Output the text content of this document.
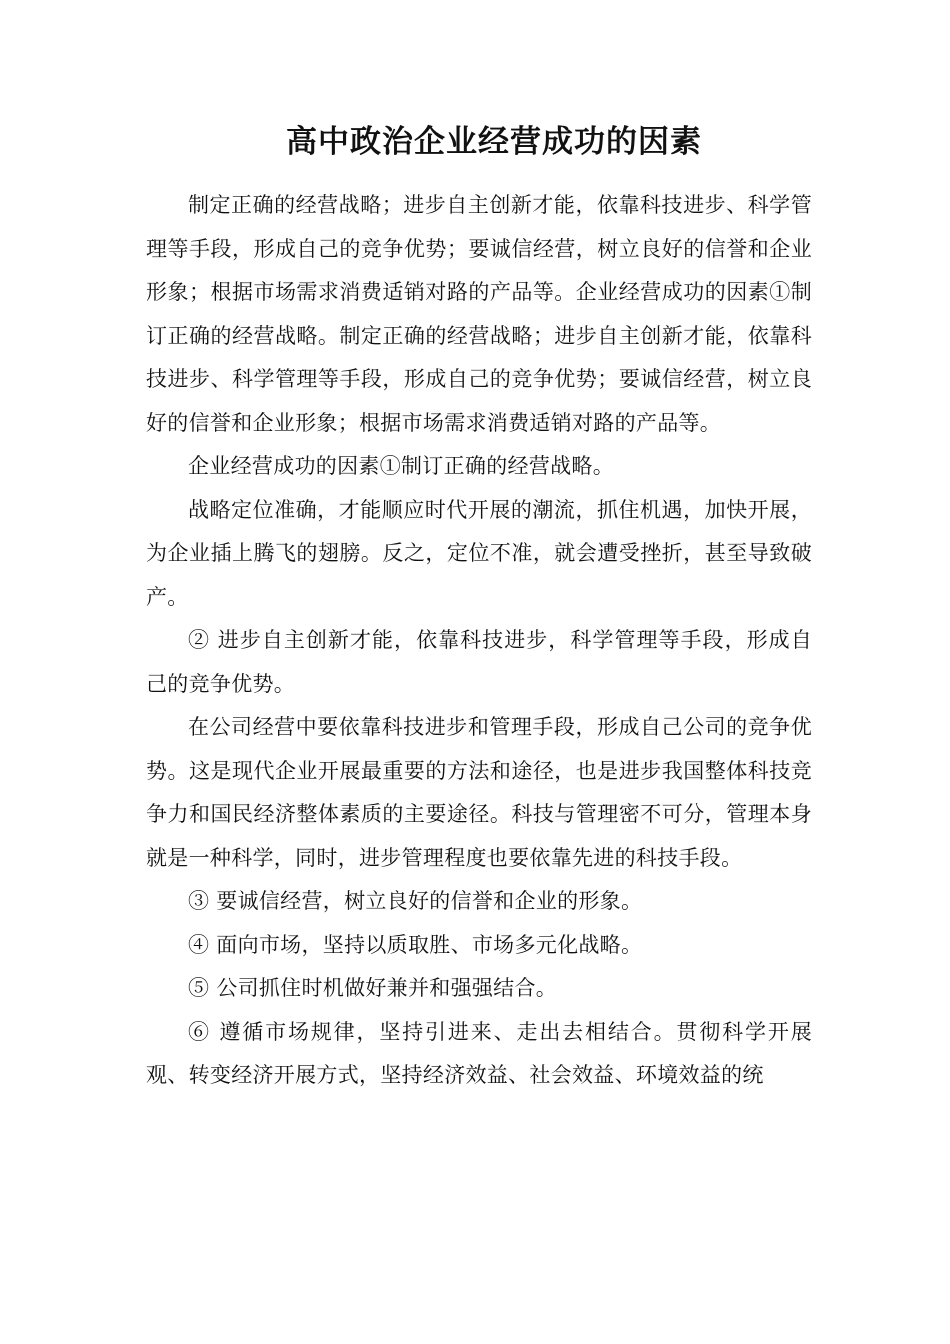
高中政治企业经营成功的因素

制定正确的经营战略；进步自主创新才能，依靠科技进步、科学管理等手段，形成自己的竞争优势；要诚信经营，树立良好的信誉和企业形象；根据市场需求消费适销对路的产品等。企业经营成功的因素①制订正确的经营战略。制定正确的经营战略；进步自主创新才能，依靠科技进步、科学管理等手段，形成自己的竞争优势；要诚信经营，树立良好的信誉和企业形象；根据市场需求消费适销对路的产品等。

企业经营成功的因素①制订正确的经营战略。

战略定位准确，才能顺应时代开展的潮流，抓住机遇，加快开展，为企业插上腾飞的翅膀。反之，定位不准，就会遭受挫折，甚至导致破产。

② 进步自主创新才能，依靠科技进步，科学管理等手段，形成自己的竞争优势。

在公司经营中要依靠科技进步和管理手段，形成自己公司的竞争优势。这是现代企业开展最重要的方法和途径，也是进步我国整体科技竞争力和国民经济整体素质的主要途径。科技与管理密不可分，管理本身就是一种科学，同时，进步管理程度也要依靠先进的科技手段。

③ 要诚信经营，树立良好的信誉和企业的形象。

④ 面向市场，坚持以质取胜、市场多元化战略。

⑤ 公司抓住时机做好兼并和强强结合。

⑥ 遵循市场规律，坚持引进来、走出去相结合。贯彻科学开展观、转变经济开展方式，坚持经济效益、社会效益、环境效益的统
